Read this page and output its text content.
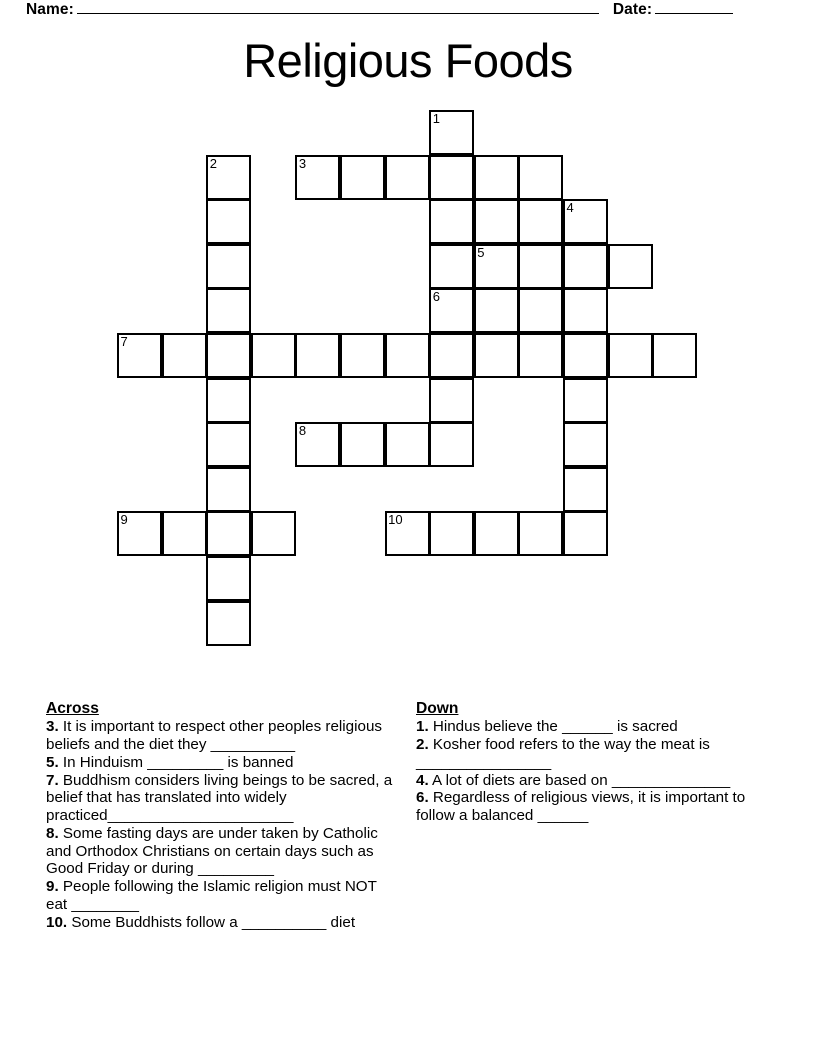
Name:	Date:
Religious Foods
1
2	3
4
5
6
7
8
9	10
Across
3. It is important to respect other peoples religious beliefs and the diet they __________
5. In Hinduism _________ is banned
7. Buddhism considers living beings to be sacred, a belief that has translated into widely practiced______________________
8. Some fasting days are under taken by Catholic and Orthodox Christians on certain days such as Good Friday or during _________
9. People following the Islamic religion must NOT eat ________
10. Some Buddhists follow a __________ diet
Down
1. Hindus believe the ______ is sacred
2. Kosher food refers to the way the meat is ________________
4. A lot of diets are based on ______________
6. Regardless of religious views, it is important to follow a balanced ______
